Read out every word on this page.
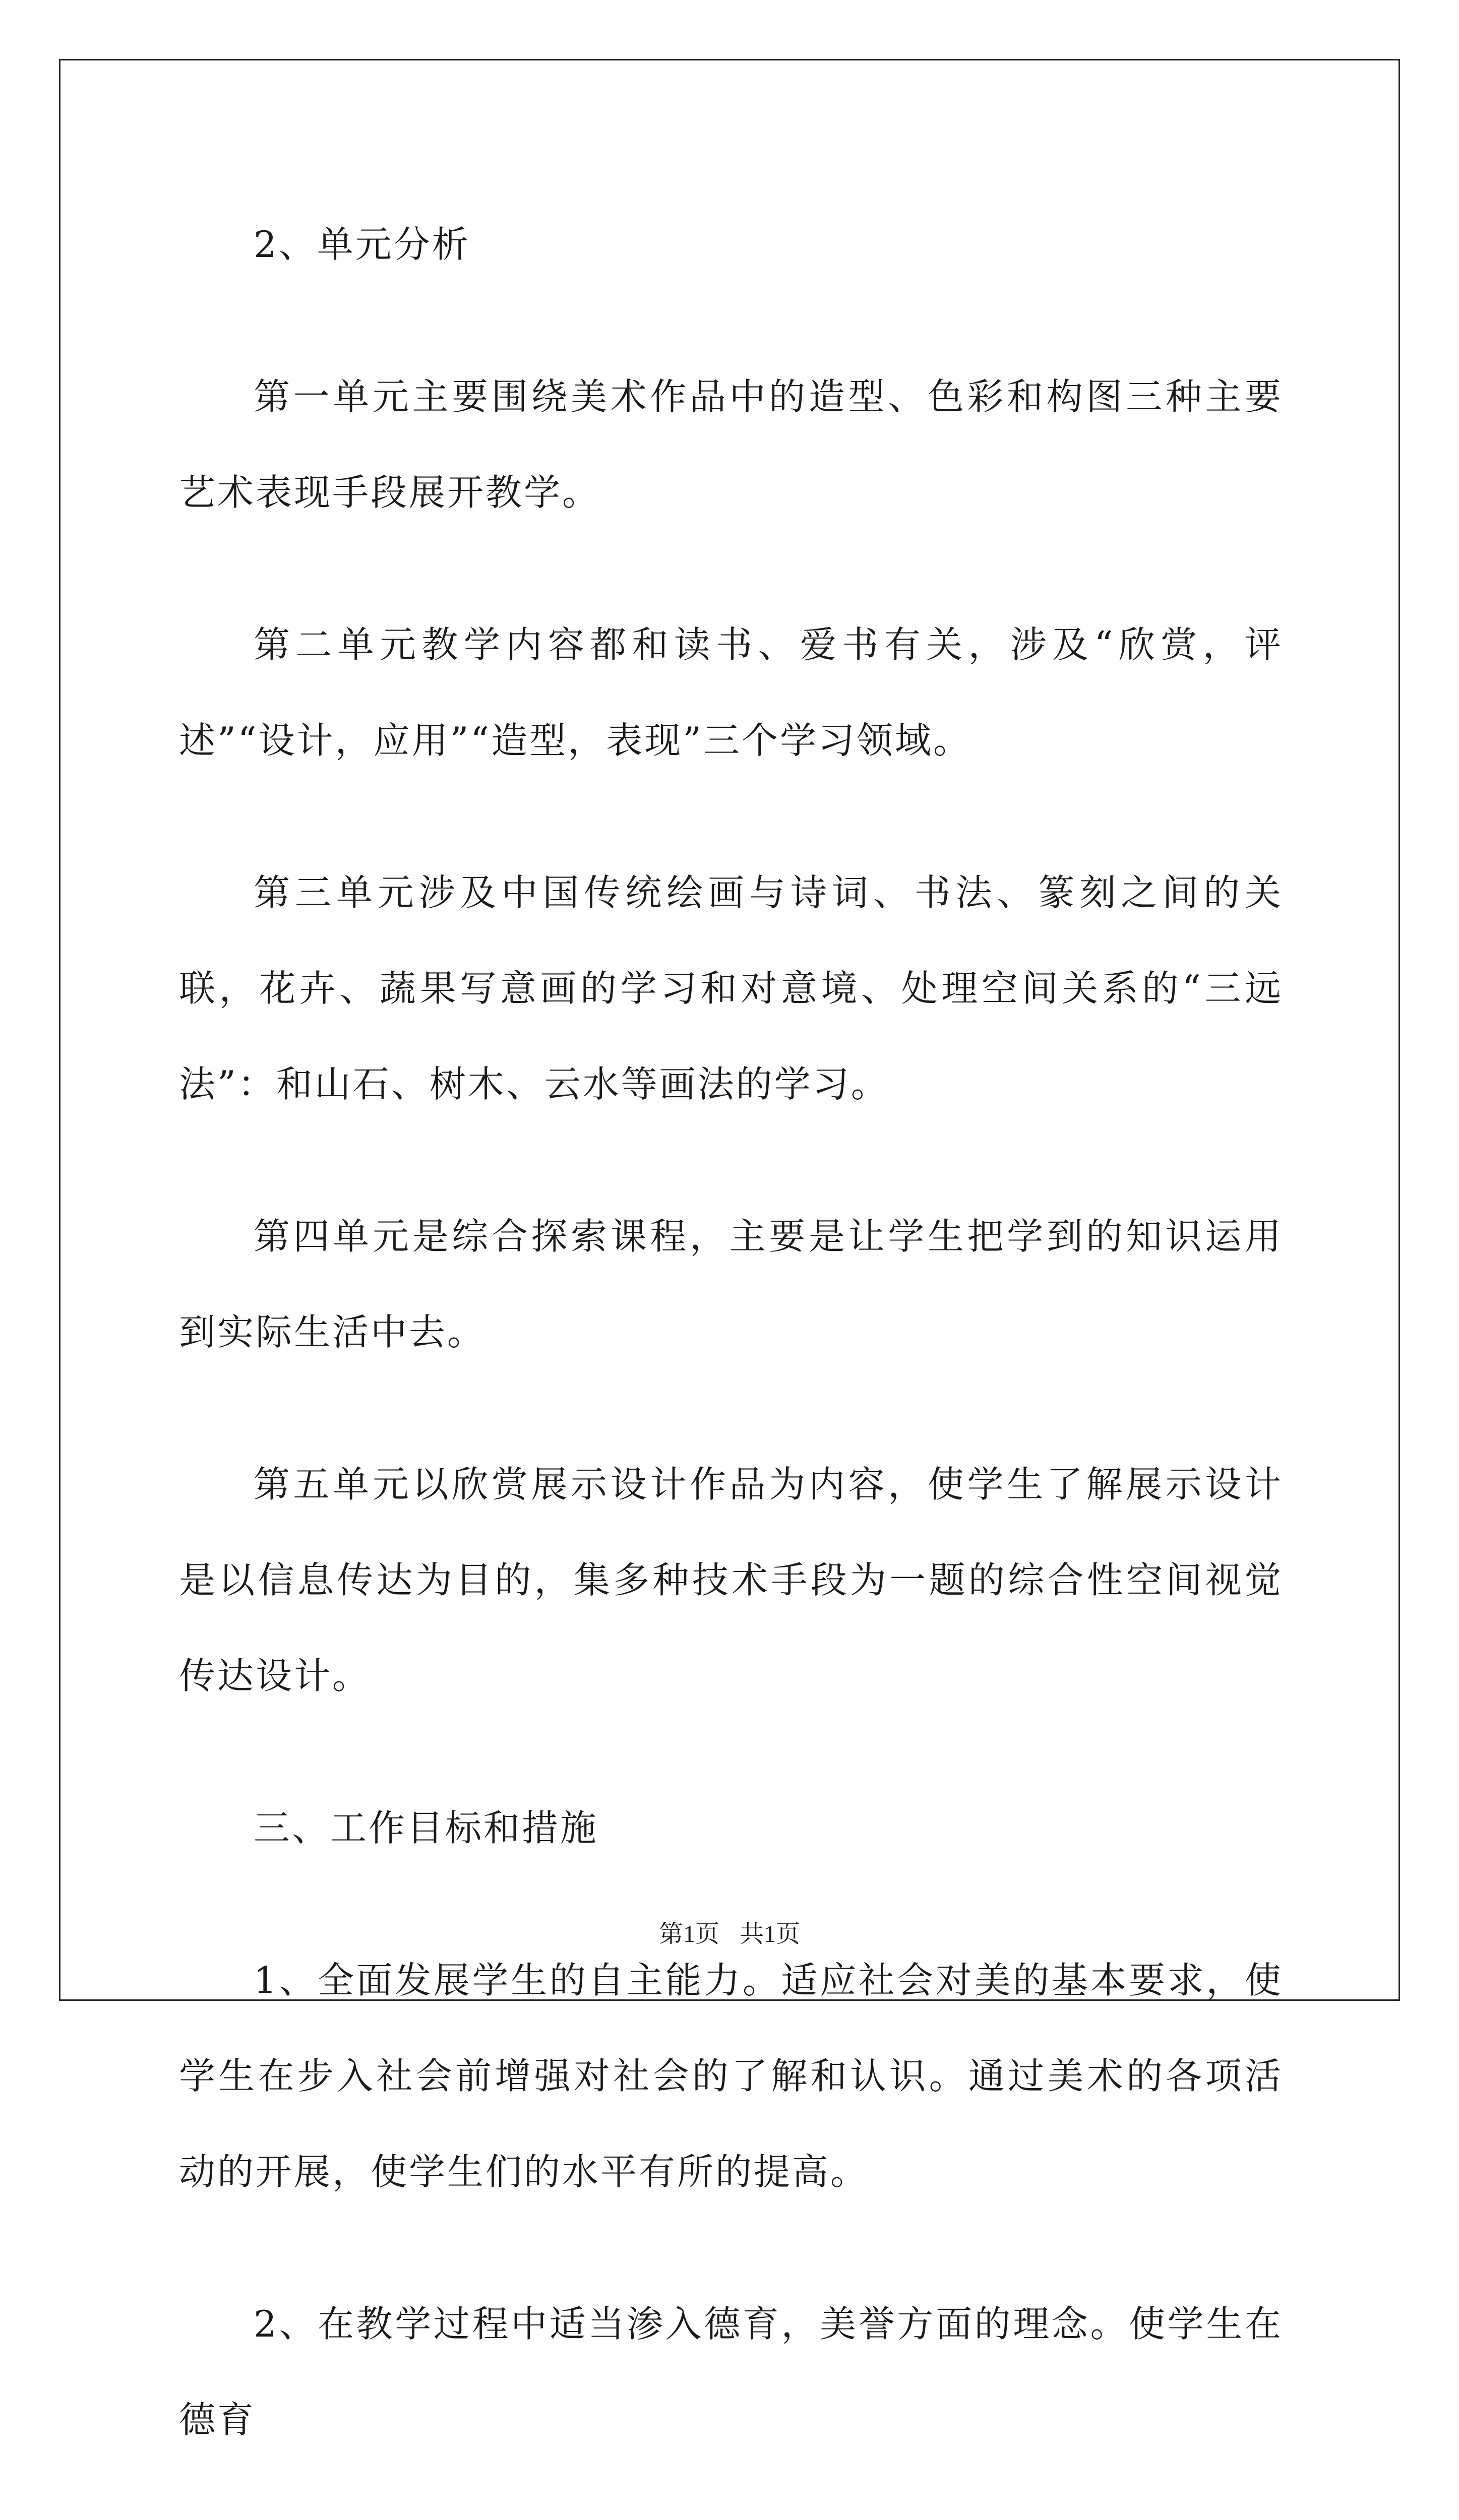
2、单元分析

第一单元主要围绕美术作品中的造型、色彩和构图三种主要艺术表现手段展开教学。

第二单元教学内容都和读书、爱书有关，涉及“欣赏，评述”“设计，应用”“造型，表现”三个学习领域。

第三单元涉及中国传统绘画与诗词、书法、篆刻之间的关联，花卉、蔬果写意画的学习和对意境、处理空间关系的“三远法”：和山石、树木、云水等画法的学习。

第四单元是综合探索课程，主要是让学生把学到的知识运用到实际生活中去。

第五单元以欣赏展示设计作品为内容，使学生了解展示设计是以信息传达为目的，集多种技术手段为一题的综合性空间视觉传达设计。

三、工作目标和措施

1、全面发展学生的自主能力。适应社会对美的基本要求，使学生在步入社会前增强对社会的了解和认识。通过美术的各项活动的开展，使学生们的水平有所的提高。

2、在教学过程中适当渗入德育，美誉方面的理念。使学生在德育

第1页 共1页
